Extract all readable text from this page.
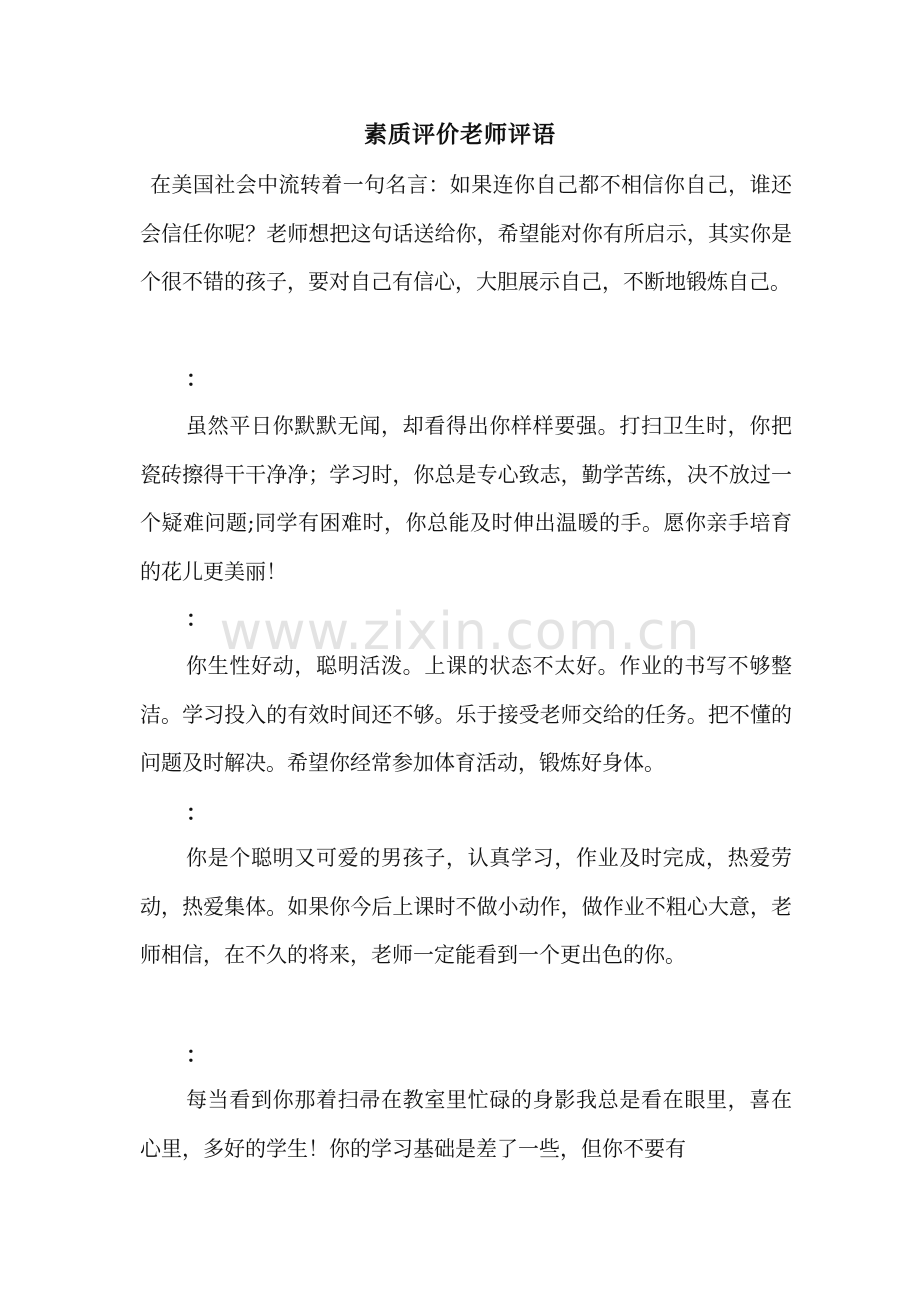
www.zixin.com.cn
素质评价老师评语

在美国社会中流转着一句名言：如果连你自己都不相信你自己，谁还会信任你呢？老师想把这句话送给你，希望能对你有所启示，其实你是个很不错的孩子，要对自己有信心，大胆展示自己，不断地锻炼自己。

：

虽然平日你默默无闻，却看得出你样样要强。打扫卫生时，你把瓷砖擦得干干净净；学习时，你总是专心致志，勤学苦练，决不放过一个疑难问题;同学有困难时，你总能及时伸出温暖的手。愿你亲手培育的花儿更美丽！

：

你生性好动，聪明活泼。上课的状态不太好。作业的书写不够整洁。学习投入的有效时间还不够。乐于接受老师交给的任务。把不懂的问题及时解决。希望你经常参加体育活动，锻炼好身体。

：

你是个聪明又可爱的男孩子，认真学习，作业及时完成，热爱劳动，热爱集体。如果你今后上课时不做小动作，做作业不粗心大意，老师相信，在不久的将来，老师一定能看到一个更出色的你。

：

每当看到你那着扫帚在教室里忙碌的身影我总是看在眼里，喜在心里，多好的学生！你的学习基础是差了一些，但你不要有
